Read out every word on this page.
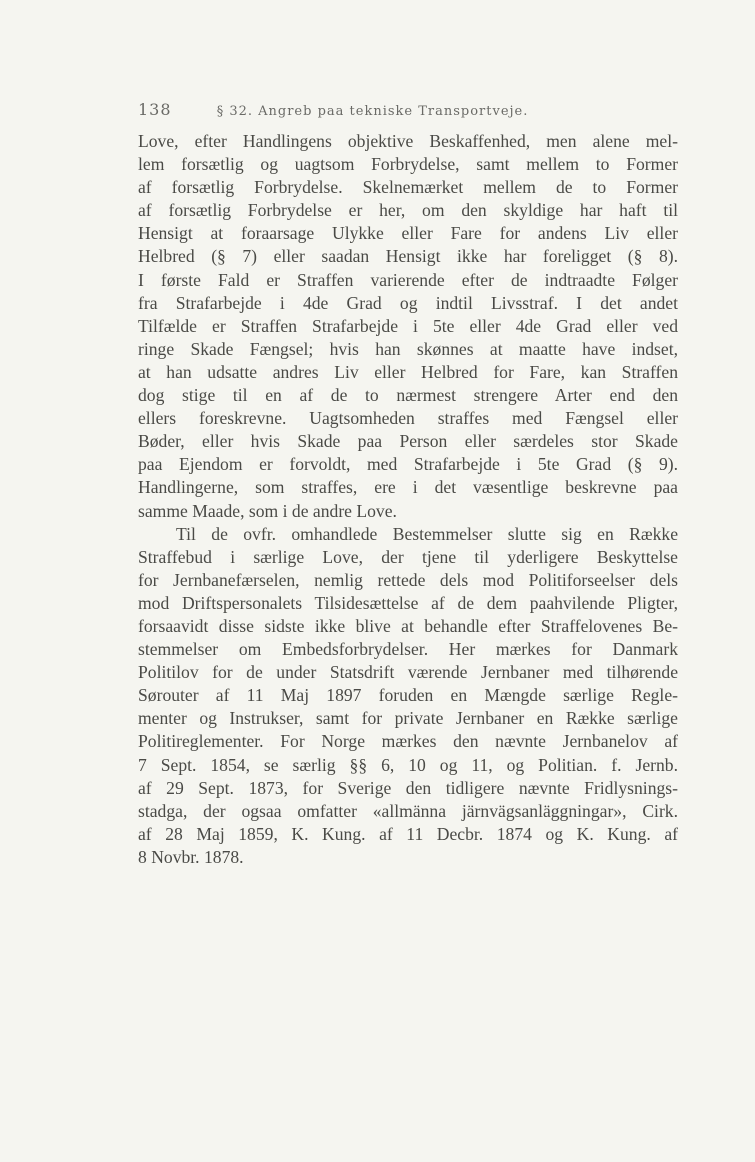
138	§ 32. Angreb paa tekniske Transportveje.
Love, efter Handlingens objektive Beskaffenhed, men alene mel-
lem forsætlig og uagtsom Forbrydelse, samt mellem to Former
af forsætlig Forbrydelse. Skelnemærket mellem de to Former
af forsætlig Forbrydelse er her, om den skyldige har haft til
Hensigt at foraarsage Ulykke eller Fare for andens Liv eller
Helbred (§ 7) eller saadan Hensigt ikke har foreligget (§ 8).
I første Fald er Straffen varierende efter de indtraadte Følger
fra Strafarbejde i 4de Grad og indtil Livsstraf. I det andet
Tilfælde er Straffen Strafarbejde i 5te eller 4de Grad eller ved
ringe Skade Fængsel; hvis han skønnes at maatte have indset,
at han udsatte andres Liv eller Helbred for Fare, kan Straffen
dog stige til en af de to nærmest strengere Arter end den
ellers foreskrevne. Uagtsomheden straffes med Fængsel eller
Bøder, eller hvis Skade paa Person eller særdeles stor Skade
paa Ejendom er forvoldt, med Strafarbejde i 5te Grad (§ 9).
Handlingerne, som straffes, ere i det væsentlige beskrevne paa
samme Maade, som i de andre Love.
Til de ovfr. omhandlede Bestemmelser slutte sig en Række
Straffebud i særlige Love, der tjene til yderligere Beskyttelse
for Jernbanefærselen, nemlig rettede dels mod Politiforseelser dels
mod Driftspersonalets Tilsidesættelse af de dem paahvilende Pligter,
forsaavidt disse sidste ikke blive at behandle efter Straffelovenes Be-
stemmelser om Embedsforbrydelser. Her mærkes for Danmark
Politilov for de under Statsdrift værende Jernbaner med tilhørende
Sørouter af 11 Maj 1897 foruden en Mængde særlige Regle-
menter og Instrukser, samt for private Jernbaner en Række særlige
Politireglementer. For Norge mærkes den nævnte Jernbanelov af
7 Sept. 1854, se særlig §§ 6, 10 og 11, og Politian. f. Jernb.
af 29 Sept. 1873, for Sverige den tidligere nævnte Fridlysnings-
stadga, der ogsaa omfatter «allmänna järnvägsanläggningar», Cirk.
af 28 Maj 1859, K. Kung. af 11 Decbr. 1874 og K. Kung. af
8 Novbr. 1878.
